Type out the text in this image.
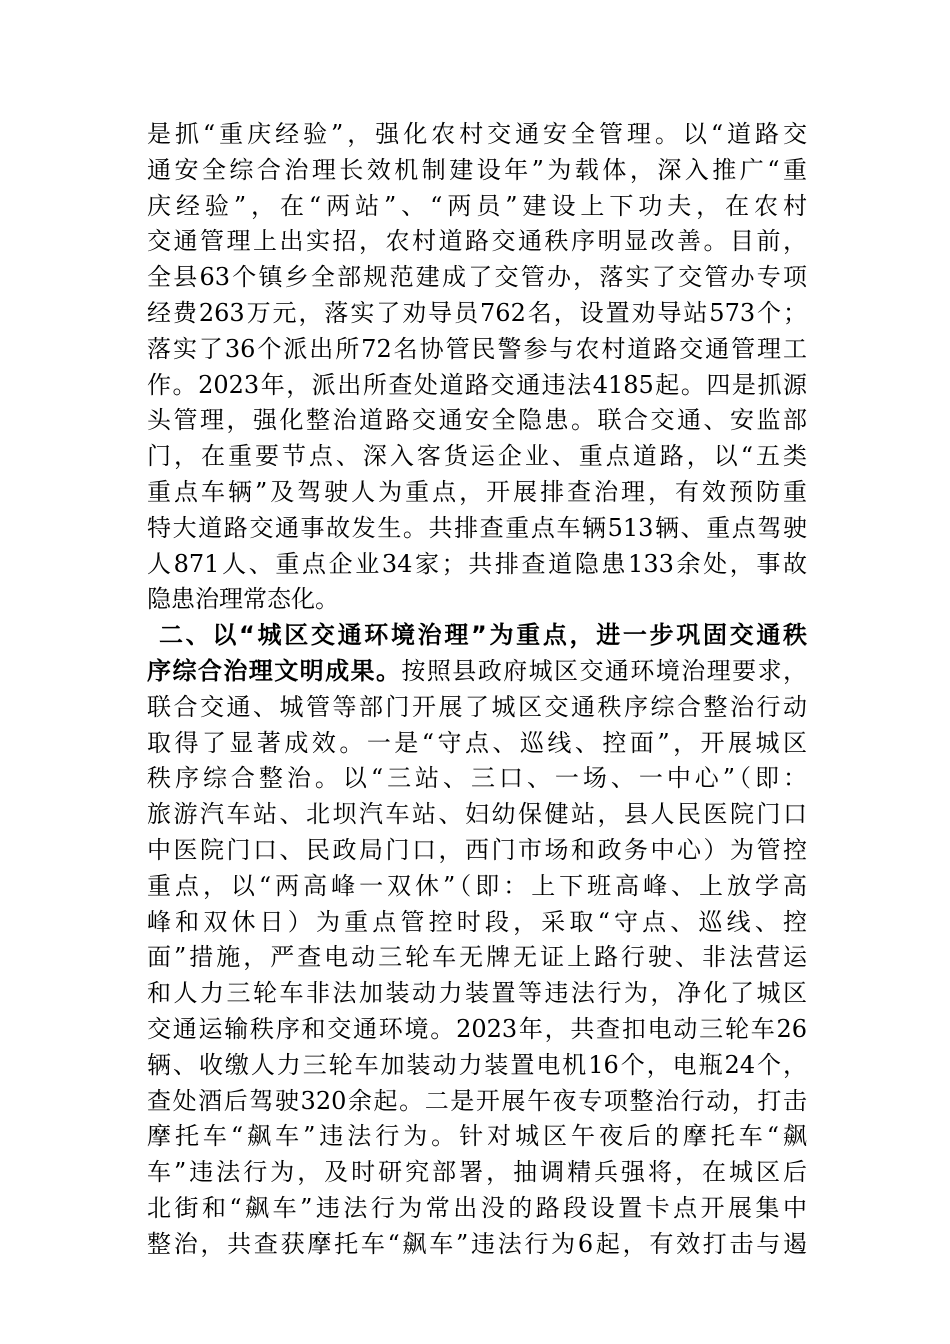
是抓“重庆经验”，强化农村交通安全管理。以“道路交
通安全综合治理长效机制建设年”为载体，深入推广“重
庆经验”，在“两站”、“两员”建设上下功夫，在农村
交通管理上出实招，农村道路交通秩序明显改善。目前，
全县63个镇乡全部规范建成了交管办，落实了交管办专项
经费263万元，落实了劝导员762名，设置劝导站573个；
落实了36个派出所72名协管民警参与农村道路交通管理工
作。2023年，派出所查处道路交通违法4185起。四是抓源
头管理，强化整治道路交通安全隐患。联合交通、安监部
门，在重要节点、深入客货运企业、重点道路，以“五类
重点车辆”及驾驶人为重点，开展排查治理，有效预防重
特大道路交通事故发生。共排查重点车辆513辆、重点驾驶
人871人、重点企业34家；共排查道隐患133余处，事故
隐患治理常态化。
二、以“城区交通环境治理”为重点，进一步巩固交通秩
序综合治理文明成果。按照县政府城区交通环境治理要求，
联合交通、城管等部门开展了城区交通秩序综合整治行动
取得了显著成效。一是“守点、巡线、控面”，开展城区
秩序综合整治。以“三站、三口、一场、一中心”（即：
旅游汽车站、北坝汽车站、妇幼保健站，县人民医院门口
中医院门口、民政局门口，西门市场和政务中心）为管控
重点，以“两高峰一双休”（即：上下班高峰、上放学高
峰和双休日）为重点管控时段，采取“守点、巡线、控
面”措施，严查电动三轮车无牌无证上路行驶、非法营运
和人力三轮车非法加装动力装置等违法行为，净化了城区
交通运输秩序和交通环境。2023年，共查扣电动三轮车26
辆、收缴人力三轮车加装动力装置电机16个，电瓶24个，
查处酒后驾驶320余起。二是开展午夜专项整治行动，打击
摩托车“飙车”违法行为。针对城区午夜后的摩托车“飙
车”违法行为，及时研究部署，抽调精兵强将，在城区后
北街和“飙车”违法行为常出没的路段设置卡点开展集中
整治，共查获摩托车“飙车”违法行为6起，有效打击与遏
